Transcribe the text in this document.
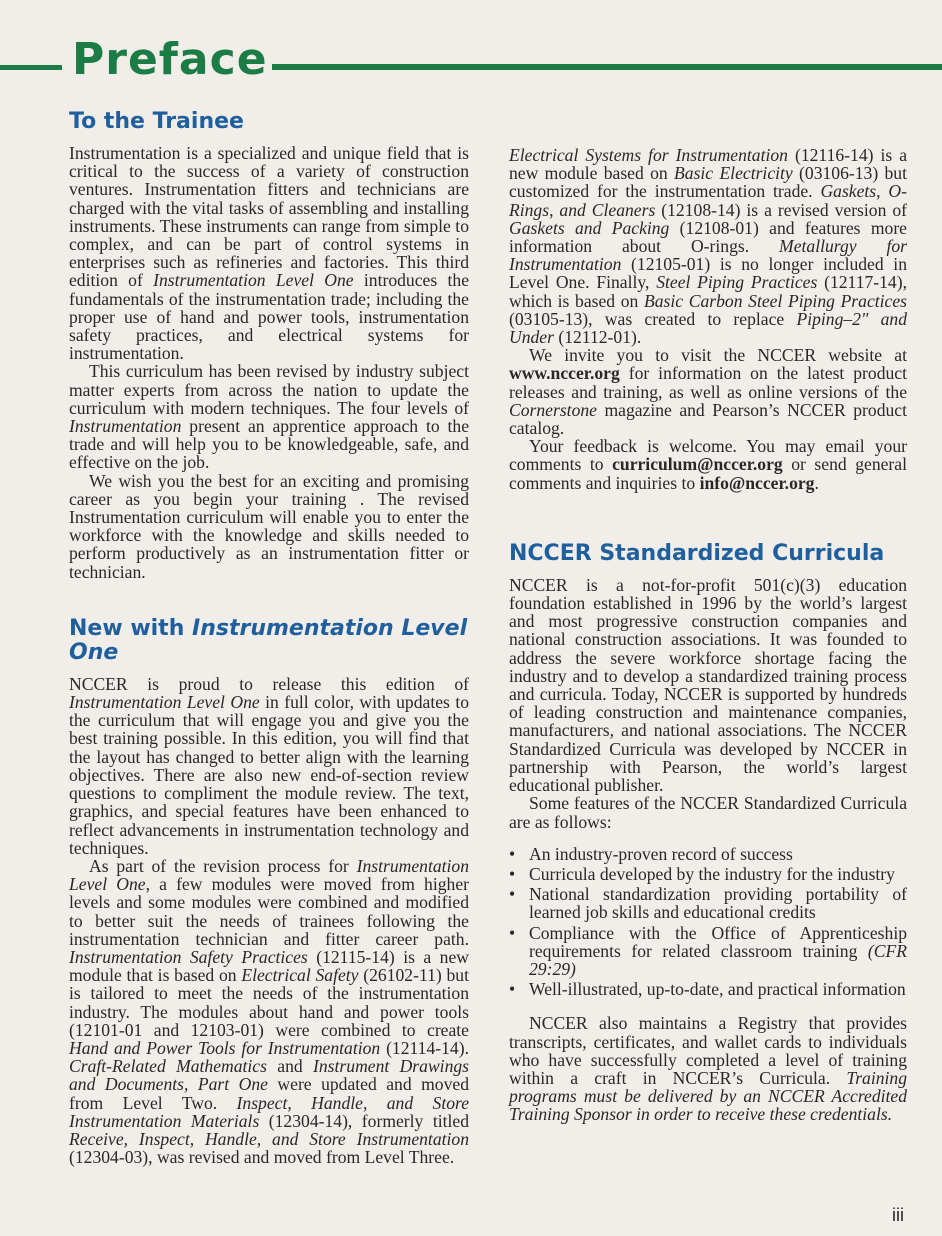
Preface
To the Trainee

Instrumentation is a specialized and unique field that is critical to the success of a variety of construction ventures. Instrumentation fitters and technicians are charged with the vital tasks of assembling and installing instruments. These instruments can range from simple to complex, and can be part of control systems in enterprises such as refineries and factories. This third edition of Instrumentation Level One introduces the fundamentals of the instrumentation trade; including the proper use of hand and power tools, instrumentation safety practices, and electrical systems for instrumentation.

This curriculum has been revised by industry subject matter experts from across the nation to update the curriculum with modern techniques. The four levels of Instrumentation present an apprentice approach to the trade and will help you to be knowledgeable, safe, and effective on the job.

We wish you the best for an exciting and promising career as you begin your training . The revised Instrumentation curriculum will enable you to enter the workforce with the knowledge and skills needed to perform productively as an instrumentation fitter or technician.

New with Instrumentation Level One

NCCER is proud to release this edition of Instrumentation Level One in full color, with updates to the curriculum that will engage you and give you the best training possible. In this edition, you will find that the layout has changed to better align with the learning objectives. There are also new end-of-section review questions to compliment the module review. The text, graphics, and special features have been enhanced to reflect advancements in instrumentation technology and techniques.

As part of the revision process for Instrumentation Level One, a few modules were moved from higher levels and some modules were combined and modified to better suit the needs of trainees following the instrumentation technician and fitter career path. Instrumentation Safety Practices (12115-14) is a new module that is based on Electrical Safety (26102-11) but is tailored to meet the needs of the instrumentation industry. The modules about hand and power tools (12101-01 and 12103-01) were combined to create Hand and Power Tools for Instrumentation (12114-14). Craft-Related Mathematics and Instrument Drawings and Documents, Part One were updated and moved from Level Two. Inspect, Handle, and Store Instrumentation Materials (12304-14), formerly titled Receive, Inspect, Handle, and Store Instrumentation (12304-03), was revised and moved from Level Three.

Electrical Systems for Instrumentation (12116-14) is a new module based on Basic Electricity (03106-13) but customized for the instrumentation trade. Gaskets, O-Rings, and Cleaners (12108-14) is a revised version of Gaskets and Packing (12108-01) and features more information about O-rings. Metallurgy for Instrumentation (12105-01) is no longer included in Level One. Finally, Steel Piping Practices (12117-14), which is based on Basic Carbon Steel Piping Practices (03105-13), was created to replace Piping–2" and Under (12112-01).

We invite you to visit the NCCER website at www.nccer.org for information on the latest product releases and training, as well as online versions of the Cornerstone magazine and Pearson’s NCCER product catalog.

Your feedback is welcome. You may email your comments to curriculum@nccer.org or send general comments and inquiries to info@nccer.org.

NCCER Standardized Curricula

NCCER is a not-for-profit 501(c)(3) education foundation established in 1996 by the world’s largest and most progressive construction companies and national construction associations. It was founded to address the severe workforce shortage facing the industry and to develop a standardized training process and curricula. Today, NCCER is supported by hundreds of leading construction and maintenance companies, manufacturers, and national associations. The NCCER Standardized Curricula was developed by NCCER in partnership with Pearson, the world’s largest educational publisher.

Some features of the NCCER Standardized Curricula are as follows:

• An industry-proven record of success
• Curricula developed by the industry for the industry
• National standardization providing portability of learned job skills and educational credits
• Compliance with the Office of Apprenticeship requirements for related classroom training (CFR 29:29)
• Well-illustrated, up-to-date, and practical information

NCCER also maintains a Registry that provides transcripts, certificates, and wallet cards to individuals who have successfully completed a level of training within a craft in NCCER’s Curricula. Training programs must be delivered by an NCCER Accredited Training Sponsor in order to receive these credentials.

iii
